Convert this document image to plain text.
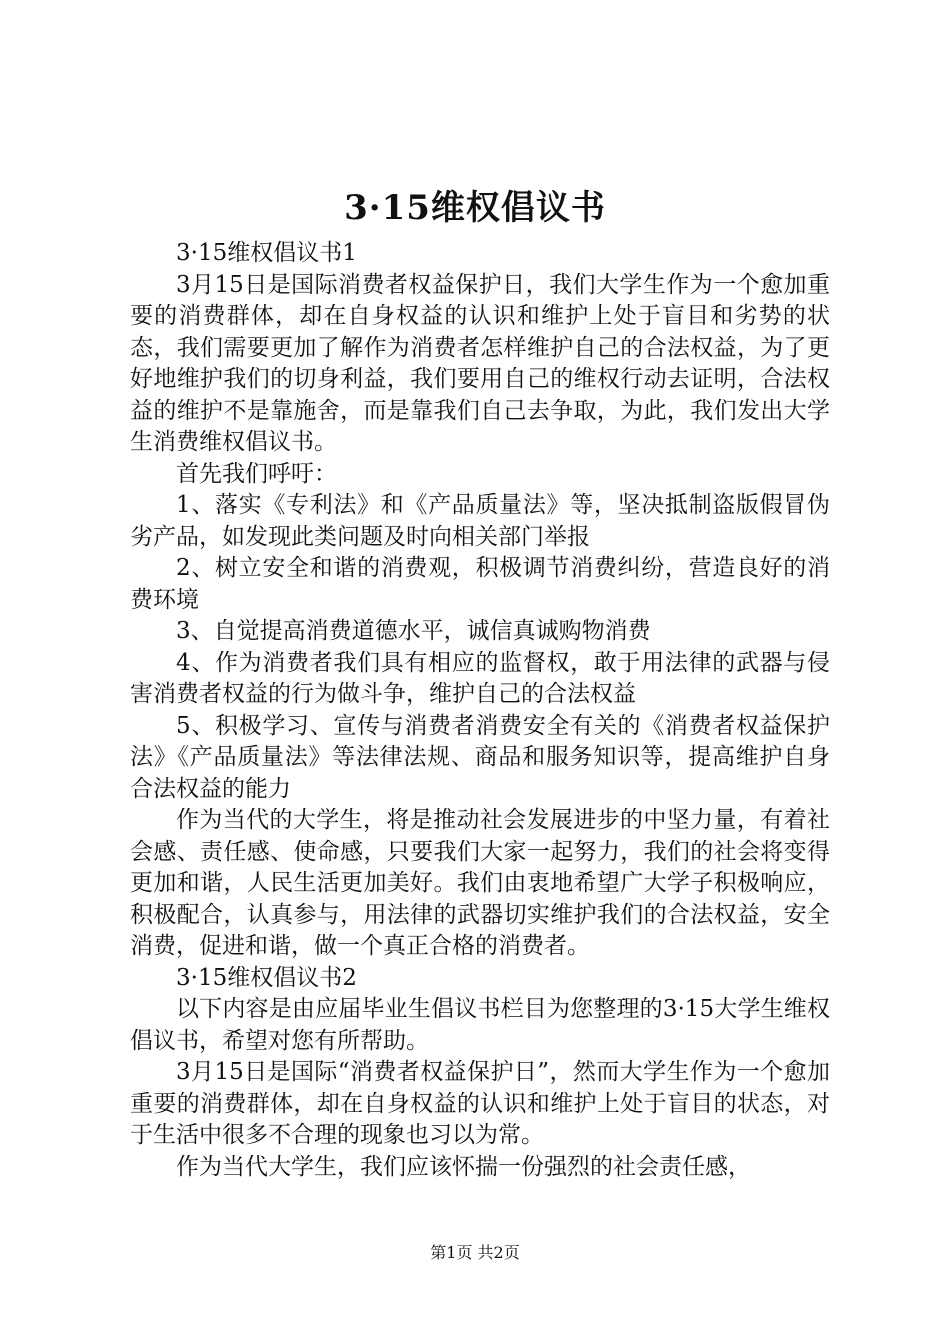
3·15维权倡议书

3·15维权倡议书1

3月15日是国际消费者权益保护日，我们大学生作为一个愈加重要的消费群体，却在自身权益的认识和维护上处于盲目和劣势的状态，我们需要更加了解作为消费者怎样维护自己的合法权益，为了更好地维护我们的切身利益，我们要用自己的维权行动去证明，合法权益的维护不是靠施舍，而是靠我们自己去争取，为此，我们发出大学生消费维权倡议书。

首先我们呼吁：

1、落实《专利法》和《产品质量法》等，坚决抵制盗版假冒伪劣产品，如发现此类问题及时向相关部门举报

2、树立安全和谐的消费观，积极调节消费纠纷，营造良好的消费环境

3、自觉提高消费道德水平，诚信真诚购物消费

4、作为消费者我们具有相应的监督权，敢于用法律的武器与侵害消费者权益的行为做斗争，维护自己的合法权益

5、积极学习、宣传与消费者消费安全有关的《消费者权益保护法》《产品质量法》等法律法规、商品和服务知识等，提高维护自身合法权益的能力

作为当代的大学生，将是推动社会发展进步的中坚力量，有着社会感、责任感、使命感，只要我们大家一起努力，我们的社会将变得更加和谐，人民生活更加美好。我们由衷地希望广大学子积极响应，积极配合，认真参与，用法律的武器切实维护我们的合法权益，安全消费，促进和谐，做一个真正合格的消费者。

3·15维权倡议书2

以下内容是由应届毕业生倡议书栏目为您整理的3·15大学生维权倡议书，希望对您有所帮助。

3月15日是国际“消费者权益保护日”，然而大学生作为一个愈加重要的消费群体，却在自身权益的认识和维护上处于盲目的状态，对于生活中很多不合理的现象也习以为常。

作为当代大学生，我们应该怀揣一份强烈的社会责任感，

第1页 共2页
